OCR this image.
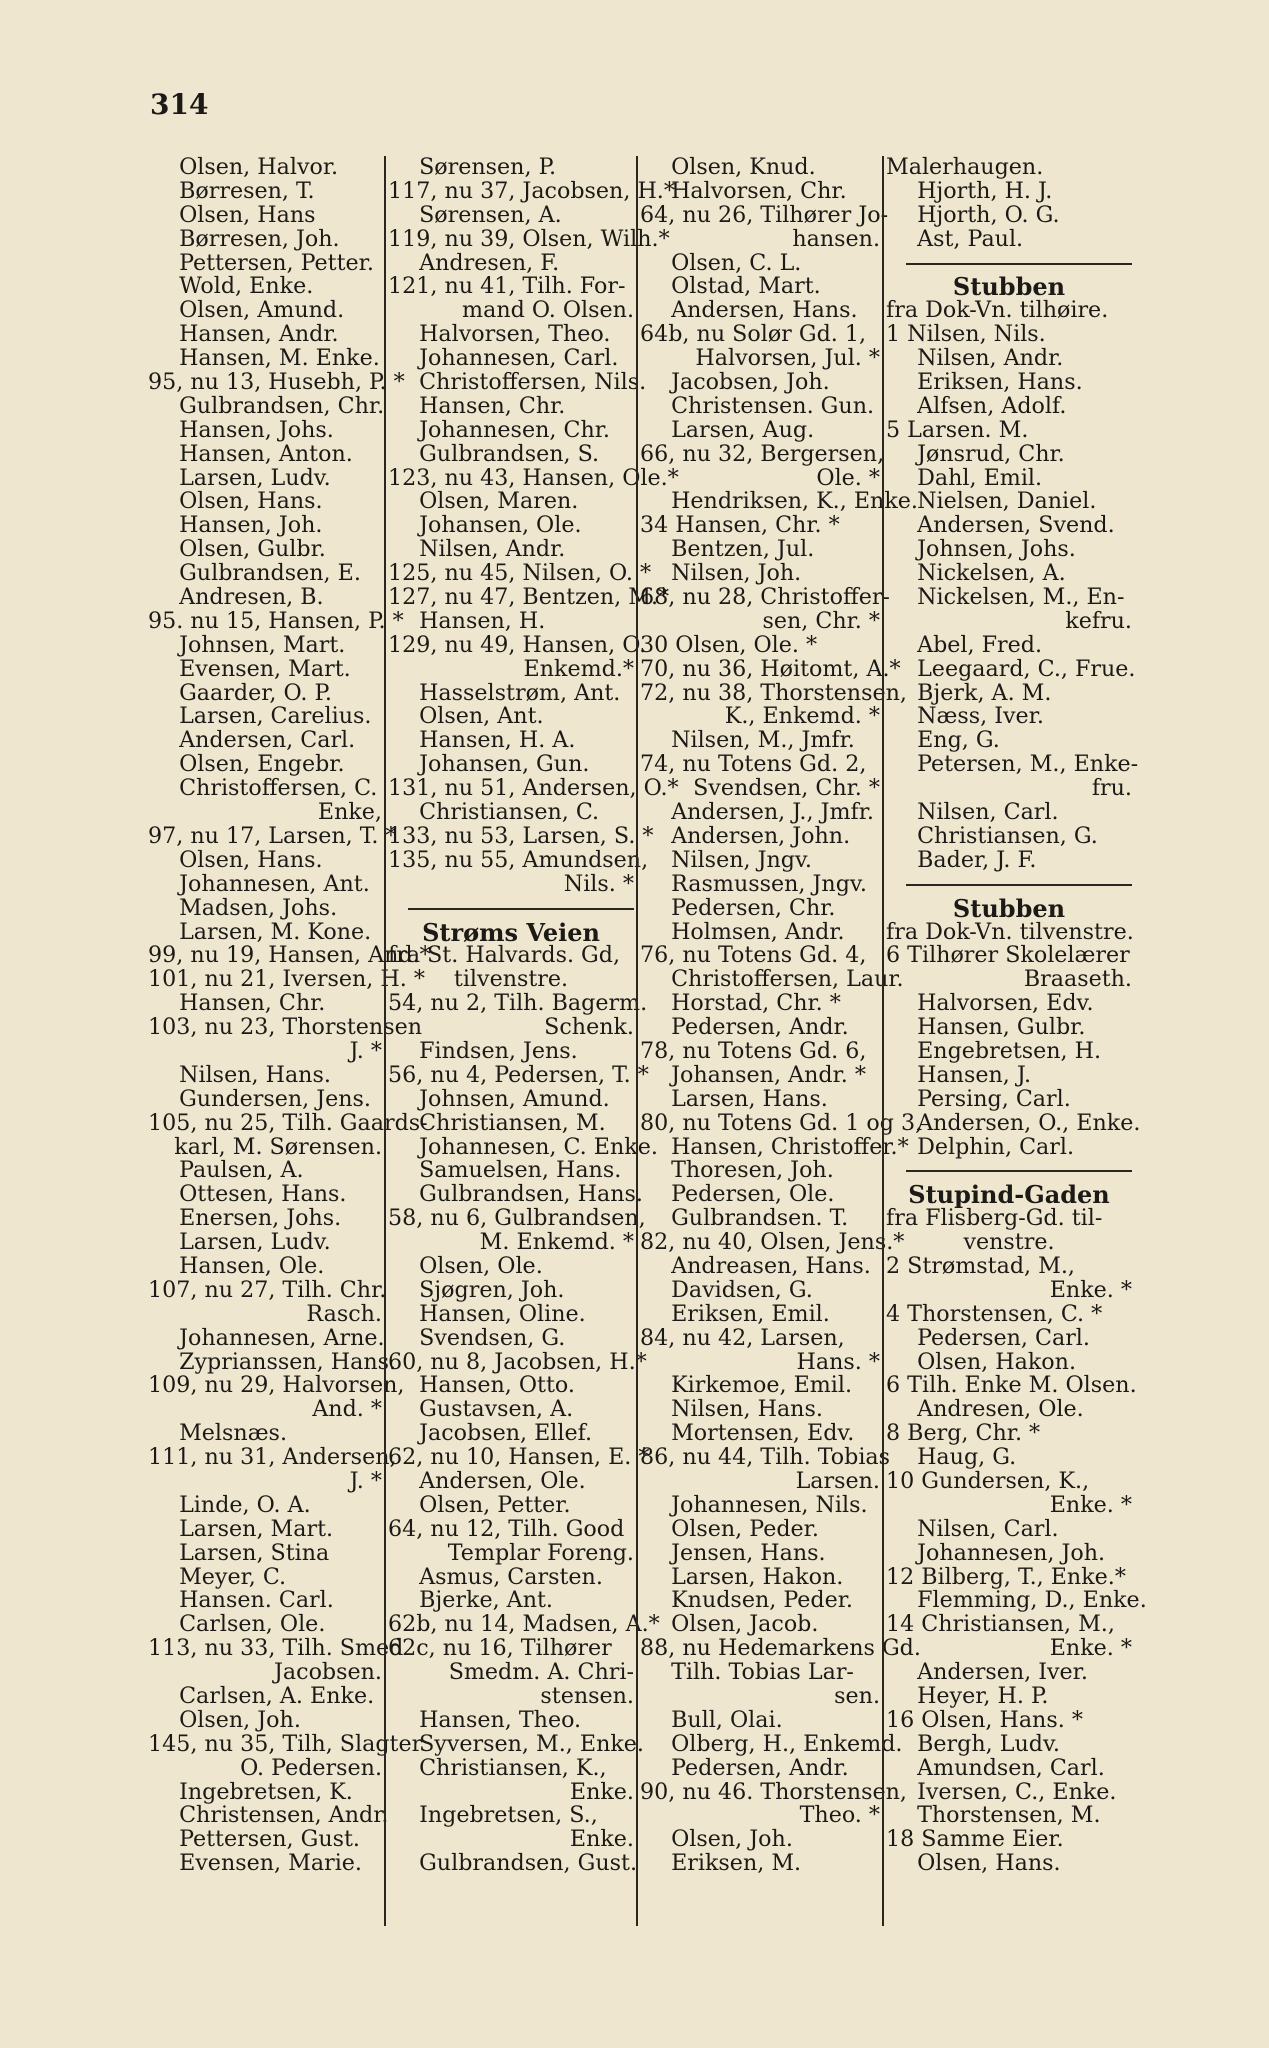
314
Olsen, Halvor.
Børresen, T.
Olsen, Hans
Børresen, Joh.
Pettersen, Petter.
Wold, Enke.
Olsen, Amund.
Hansen, Andr.
Hansen, M. Enke.
95, nu 13, Husebh, P. *
Gulbrandsen, Chr.
Hansen, Johs.
Hansen, Anton.
Larsen, Ludv.
Olsen, Hans.
Hansen, Joh.
Olsen, Gulbr.
Gulbrandsen, E.
Andresen, B.
95. nu 15, Hansen, P. *
Johnsen, Mart.
Evensen, Mart.
Gaarder, O. P.
Larsen, Carelius.
Andersen, Carl.
Olsen, Engebr.
Christoffersen, C.
Enke,
97, nu 17, Larsen, T. *
Olsen, Hans.
Johannesen, Ant.
Madsen, Johs.
Larsen, M. Kone.
99, nu 19, Hansen, And.*
101, nu 21, Iversen, H. *
Hansen, Chr.
103, nu 23, Thorstensen
J. *
Nilsen, Hans.
Gundersen, Jens.
105, nu 25, Tilh. Gaards-
karl, M. Sørensen.
Paulsen, A.
Ottesen, Hans.
Enersen, Johs.
Larsen, Ludv.
Hansen, Ole.
107, nu 27, Tilh. Chr.
Rasch.
Johannesen, Arne.
Zyprianssen, Hans.
109, nu 29, Halvorsen,
And. *
Melsnæs.
111, nu 31, Andersen,
J. *
Linde, O. A.
Larsen, Mart.
Larsen, Stina
Meyer, C.
Hansen. Carl.
Carlsen, Ole.
113, nu 33, Tilh. Smed
Jacobsen.
Carlsen, A. Enke.
Olsen, Joh.
145, nu 35, Tilh, Slagter
O. Pedersen.
Ingebretsen, K.
Christensen, Andr.
Pettersen, Gust.
Evensen, Marie.
Sørensen, P.
117, nu 37, Jacobsen, H.*
Sørensen, A.
119, nu 39, Olsen, Wilh.*
Andresen, F.
121, nu 41, Tilh. For-
mand O. Olsen.
Halvorsen, Theo.
Johannesen, Carl.
Christoffersen, Nils.
Hansen, Chr.
Johannesen, Chr.
Gulbrandsen, S.
123, nu 43, Hansen, Ole.*
Olsen, Maren.
Johansen, Ole.
Nilsen, Andr.
125, nu 45, Nilsen, O. *
127, nu 47, Bentzen, M.*
Hansen, H.
129, nu 49, Hansen, O.
Enkemd.*
Hasselstrøm, Ant.
Olsen, Ant.
Hansen, H. A.
Johansen, Gun.
131, nu 51, Andersen, O.*
Christiansen, C.
133, nu 53, Larsen, S. *
135, nu 55, Amundsen,
Nils. *
Strøms Veien
fra St. Halvards. Gd,
tilvenstre.
54, nu 2, Tilh. Bagerm.
Schenk.
Findsen, Jens.
56, nu 4, Pedersen, T. *
Johnsen, Amund.
Christiansen, M.
Johannesen, C. Enke.
Samuelsen, Hans.
Gulbrandsen, Hans.
58, nu 6, Gulbrandsen,
M. Enkemd. *
Olsen, Ole.
Sjøgren, Joh.
Hansen, Oline.
Svendsen, G.
60, nu 8, Jacobsen, H.*
Hansen, Otto.
Gustavsen, A.
Jacobsen, Ellef.
62, nu 10, Hansen, E. *
Andersen, Ole.
Olsen, Petter.
64, nu 12, Tilh. Good
Templar Foreng.
Asmus, Carsten.
Bjerke, Ant.
62b, nu 14, Madsen, A.*
62c, nu 16, Tilhører
Smedm. A. Chri-
stensen.
Hansen, Theo.
Syversen, M., Enke.
Christiansen, K.,
Enke.
Ingebretsen, S.,
Enke.
Gulbrandsen, Gust.
Olsen, Knud.
Halvorsen, Chr.
64, nu 26, Tilhører Jo-
hansen.
Olsen, C. L.
Olstad, Mart.
Andersen, Hans.
64b, nu Solør Gd. 1,
Halvorsen, Jul. *
Jacobsen, Joh.
Christensen. Gun.
Larsen, Aug.
66, nu 32, Bergersen,
Ole. *
Hendriksen, K., Enke.
34 Hansen, Chr. *
Bentzen, Jul.
Nilsen, Joh.
68, nu 28, Christoffer-
sen, Chr. *
30 Olsen, Ole. *
70, nu 36, Høitomt, A.*
72, nu 38, Thorstensen,
K., Enkemd. *
Nilsen, M., Jmfr.
74, nu Totens Gd. 2,
Svendsen, Chr. *
Andersen, J., Jmfr.
Andersen, John.
Nilsen, Jngv.
Rasmussen, Jngv.
Pedersen, Chr.
Holmsen, Andr.
76, nu Totens Gd. 4,
Christoffersen, Laur.
Horstad, Chr. *
Pedersen, Andr.
78, nu Totens Gd. 6,
Johansen, Andr. *
Larsen, Hans.
80, nu Totens Gd. 1 og 3,
Hansen, Christoffer.*
Thoresen, Joh.
Pedersen, Ole.
Gulbrandsen. T.
82, nu 40, Olsen, Jens.*
Andreasen, Hans.
Davidsen, G.
Eriksen, Emil.
84, nu 42, Larsen,
Hans. *
Kirkemoe, Emil.
Nilsen, Hans.
Mortensen, Edv.
86, nu 44, Tilh. Tobias
Larsen.
Johannesen, Nils.
Olsen, Peder.
Jensen, Hans.
Larsen, Hakon.
Knudsen, Peder.
Olsen, Jacob.
88, nu Hedemarkens Gd.
Tilh. Tobias Lar-
sen.
Bull, Olai.
Olberg, H., Enkemd.
Pedersen, Andr.
90, nu 46. Thorstensen,
Theo. *
Olsen, Joh.
Eriksen, M.
Malerhaugen.
Hjorth, H. J.
Hjorth, O. G.
Ast, Paul.
Stubben
fra Dok-Vn. tilhøire.
1 Nilsen, Nils.
Nilsen, Andr.
Eriksen, Hans.
Alfsen, Adolf.
5 Larsen. M.
Jønsrud, Chr.
Dahl, Emil.
Nielsen, Daniel.
Andersen, Svend.
Johnsen, Johs.
Nickelsen, A.
Nickelsen, M., En-
kefru.
Abel, Fred.
Leegaard, C., Frue.
Bjerk, A. M.
Næss, Iver.
Eng, G.
Petersen, M., Enke-
fru.
Nilsen, Carl.
Christiansen, G.
Bader, J. F.
Stubben
fra Dok-Vn. tilvenstre.
6 Tilhører Skolelærer
Braaseth.
Halvorsen, Edv.
Hansen, Gulbr.
Engebretsen, H.
Hansen, J.
Persing, Carl.
Andersen, O., Enke.
Delphin, Carl.
Stupind-Gaden
fra Flisberg-Gd. til-
venstre.
2 Strømstad, M.,
Enke. *
4 Thorstensen, C. *
Pedersen, Carl.
Olsen, Hakon.
6 Tilh. Enke M. Olsen.
Andresen, Ole.
8 Berg, Chr. *
Haug, G.
10 Gundersen, K.,
Enke. *
Nilsen, Carl.
Johannesen, Joh.
12 Bilberg, T., Enke.*
Flemming, D., Enke.
14 Christiansen, M.,
Enke. *
Andersen, Iver.
Heyer, H. P.
16 Olsen, Hans. *
Bergh, Ludv.
Amundsen, Carl.
Iversen, C., Enke.
Thorstensen, M.
18 Samme Eier.
Olsen, Hans.
